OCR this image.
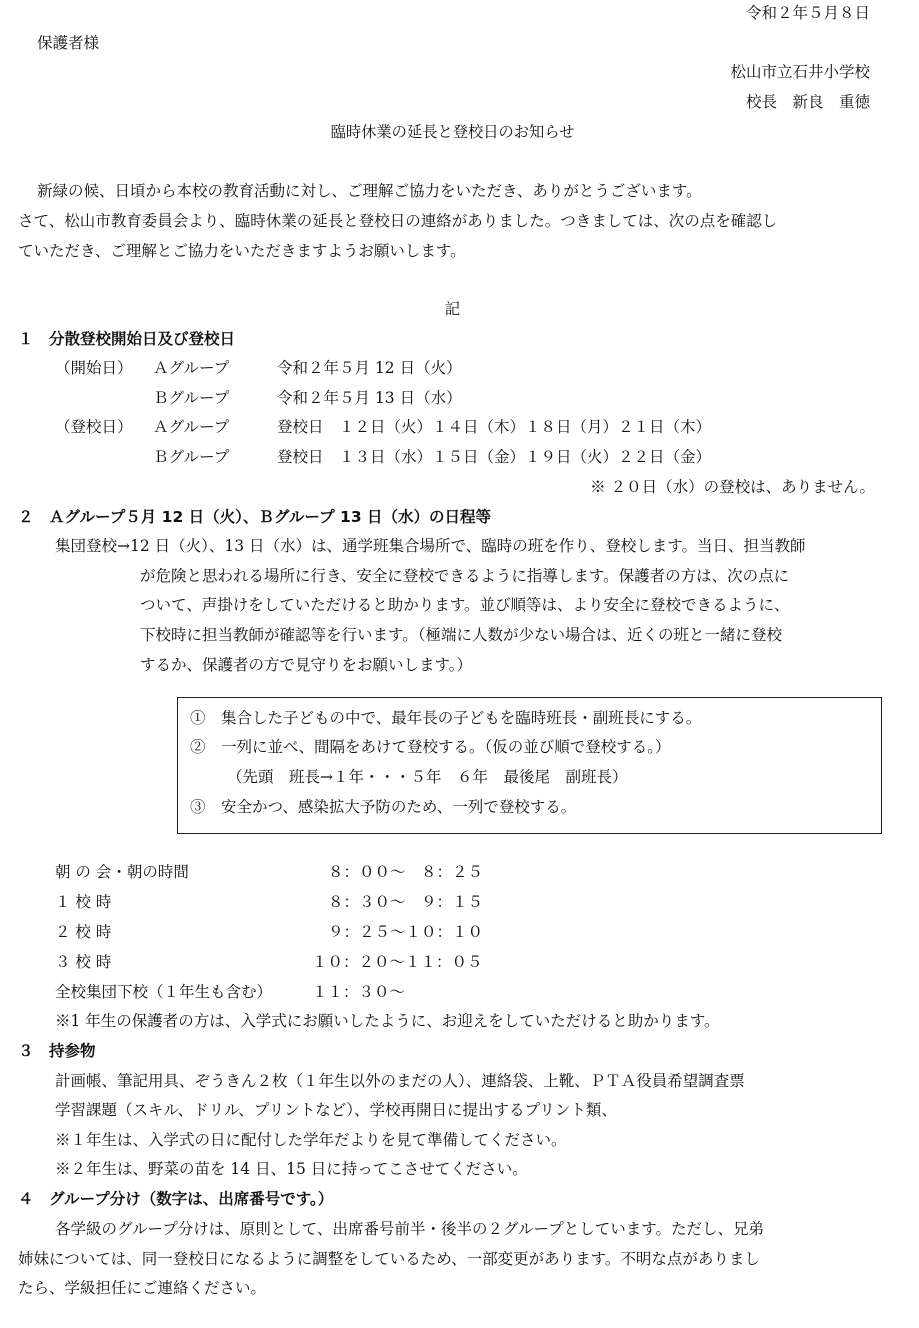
令和２年５月８日
保護者様
松山市立石井小学校
校長　新良　重徳
臨時休業の延長と登校日のお知らせ
新緑の候、日頃から本校の教育活動に対し、ご理解ご協力をいただき、ありがとうございます。
さて、松山市教育委員会より、臨時休業の延長と登校日の連絡がありました。つきましては、次の点を確認し
ていただき、ご理解とご協力をいただきますようお願いします。
記
１　分散登校開始日及び登校日
（開始日） Ａグループ	令和２年５月 12 日（火）
Ｂグループ	令和２年５月 13 日（水）
（登校日） Ａグループ	登校日　１２日（火）１４日（木）１８日（月）２１日（木）
Ｂグループ	登校日　１３日（水）１５日（金）１９日（火）２２日（金）
※ ２０日（水）の登校は、ありません。
２　Ａグループ５月 12 日（火）、Ｂグループ 13 日（水）の日程等
集団登校→12 日（火）、13 日（水）は、通学班集合場所で、臨時の班を作り、登校します。当日、担当教師
が危険と思われる場所に行き、安全に登校できるように指導します。保護者の方は、次の点に
ついて、声掛けをしていただけると助かります。並び順等は、より安全に登校できるように、
下校時に担当教師が確認等を行います。（極端に人数が少ない場合は、近くの班と一緒に登校
するか、保護者の方で見守りをお願いします。）
①　集合した子どもの中で、最年長の子どもを臨時班長・副班長にする。
②　一列に並べ、間隔をあけて登校する。（仮の並び順で登校する。）
（先頭　班長→１年・・・５年　６年　最後尾　副班長）
③　安全かつ、感染拡大予防のため、一列で登校する。
朝 の 会・朝の時間	８：００～　８：２５
１ 校 時	８：３０～　９：１５
２ 校 時	９：２５～１０：１０
３ 校 時	１０：２０～１１：０５
全校集団下校（１年生も含む）	１１：３０～
※1 年生の保護者の方は、入学式にお願いしたように、お迎えをしていただけると助かります。
３　持参物
計画帳、筆記用具、ぞうきん２枚（１年生以外のまだの人）、連絡袋、上靴、ＰＴＡ役員希望調査票
学習課題（スキル、ドリル、プリントなど）、学校再開日に提出するプリント類、
※１年生は、入学式の日に配付した学年だよりを見て準備してください。
※２年生は、野菜の苗を 14 日、15 日に持ってこさせてください。
４　グループ分け（数字は、出席番号です。）
各学級のグループ分けは、原則として、出席番号前半・後半の２グループとしています。ただし、兄弟
姉妹については、同一登校日になるように調整をしているため、一部変更があります。不明な点がありまし
たら、学級担任にご連絡ください。
